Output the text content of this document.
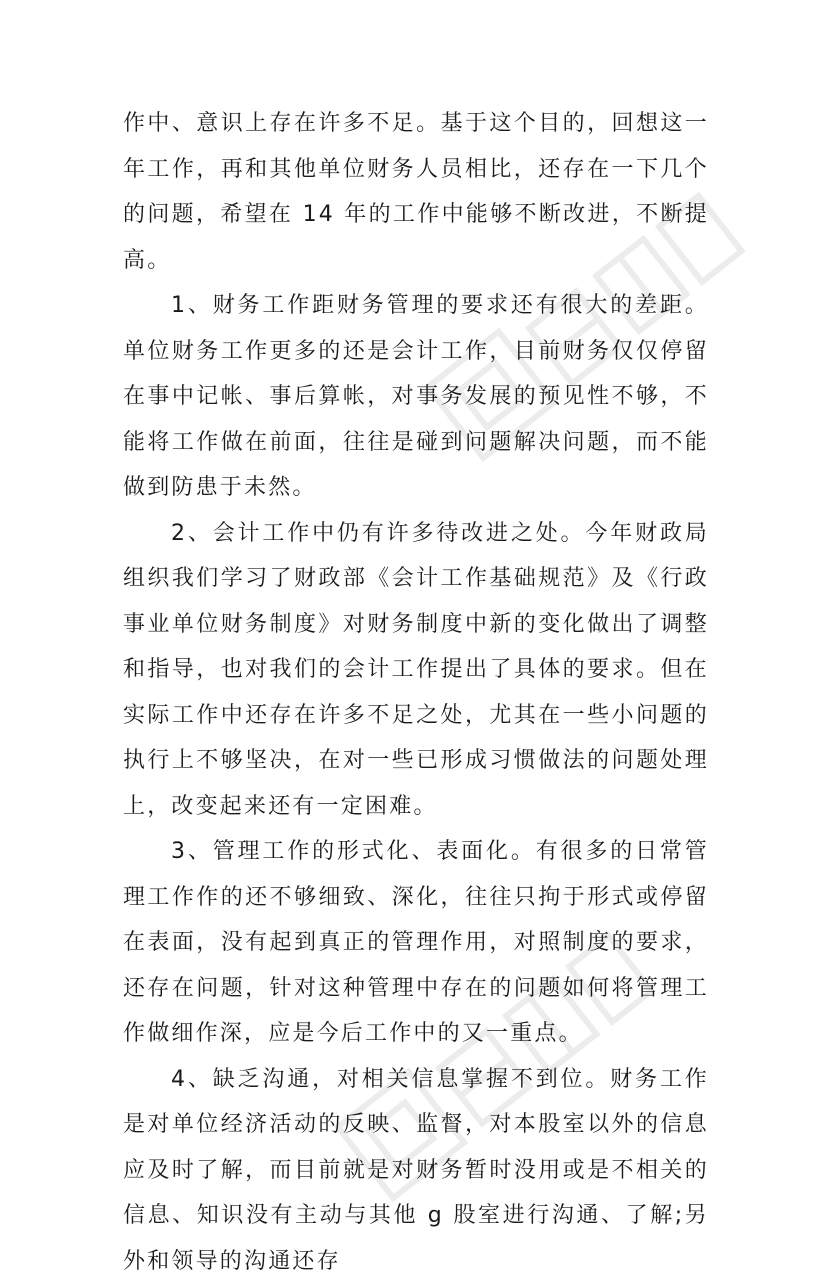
作中、意识上存在许多不足。基于这个目的，回想这一年工作，再和其他单位财务人员相比，还存在一下几个的问题，希望在 14 年的工作中能够不断改进，不断提高。

1、财务工作距财务管理的要求还有很大的差距。单位财务工作更多的还是会计工作，目前财务仅仅停留在事中记帐、事后算帐，对事务发展的预见性不够，不能将工作做在前面，往往是碰到问题解决问题，而不能做到防患于未然。

2、会计工作中仍有许多待改进之处。今年财政局组织我们学习了财政部《会计工作基础规范》及《行政事业单位财务制度》对财务制度中新的变化做出了调整和指导，也对我们的会计工作提出了具体的要求。但在实际工作中还存在许多不足之处，尤其在一些小问题的执行上不够坚决，在对一些已形成习惯做法的问题处理上，改变起来还有一定困难。

3、管理工作的形式化、表面化。有很多的日常管理工作作的还不够细致、深化，往往只拘于形式或停留在表面，没有起到真正的管理作用，对照制度的要求，还存在问题，针对这种管理中存在的问题如何将管理工作做细作深，应是今后工作中的又一重点。

4、缺乏沟通，对相关信息掌握不到位。财务工作是对单位经济活动的反映、监督，对本股室以外的信息应及时了解，而目前就是对财务暂时没用或是不相关的信息、知识没有主动与其他 g 股室进行沟通、了解;另外和领导的沟通还存
